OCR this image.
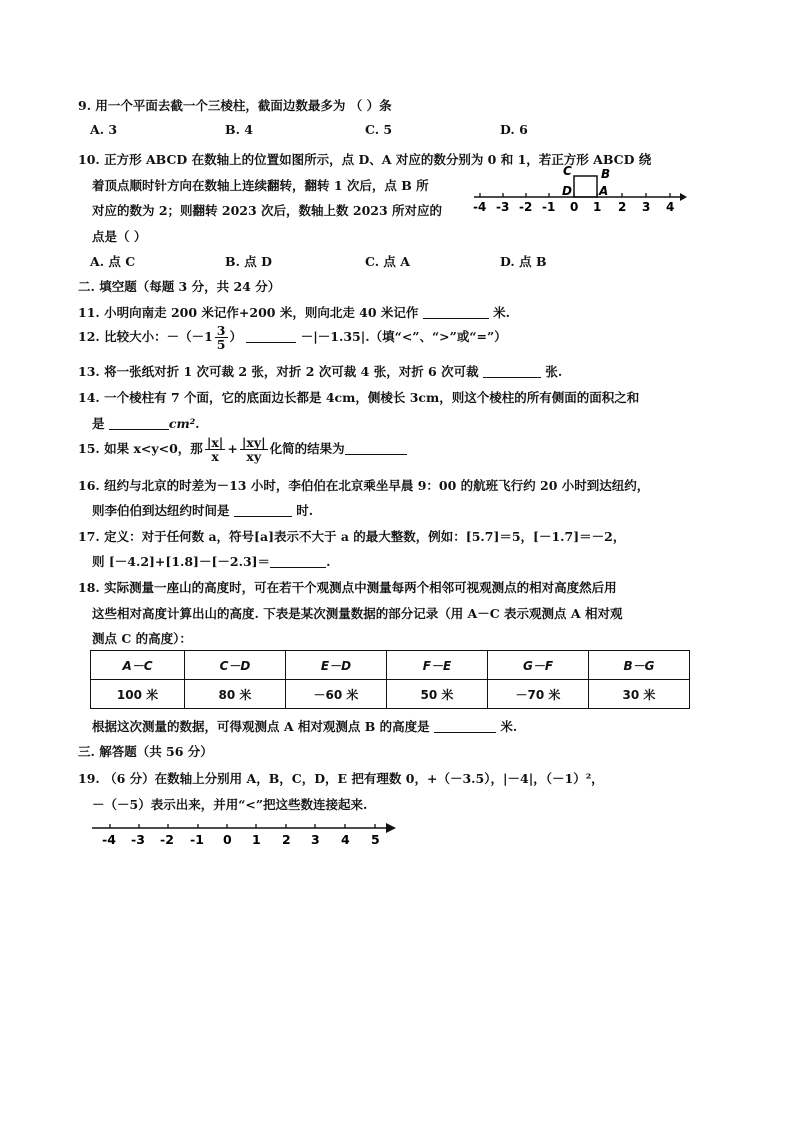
9. 用一个平面去截一个三棱柱，截面边数最多为 （ ）条
A. 3	B. 4	C. 5	D. 6
10. 正方形 ABCD 在数轴上的位置如图所示，点 D、A 对应的数分别为 0 和 1，若正方形 ABCD 绕
着顶点顺时针方向在数轴上连续翻转，翻转 1 次后，点 B 所
对应的数为 2；则翻转 2023 次后，数轴上数 2023 所对应的
点是（ ）
-4 -3 -2 -1 0 1 2 3 4
C B
D A
A. 点 C	B. 点 D	C. 点 A	D. 点 B
二. 填空题（每题 3 分，共 24 分）
11. 小明向南走 200 米记作+200 米，则向北走 40 米记作	米.
12. 比较大小：$-(-1 \frac{3}{5}$ ）	－|－1.35|.（填“<”、“>”或“=”）
13. 将一张纸对折 1 次可裁 2 张，对折 2 次可裁 4 张，对折 6 次可裁	张.
14. 一个棱柱有 7 个面，它的底面边长都是 4cm，侧棱长 3cm，则这个棱柱的所有侧面的面积之和
是	cm².
15. 如果 x<y<0，那 $\frac{|x|}{x} + \frac{|xy|}{xy}$ 化简的结果为
16. 纽约与北京的时差为－13 小时，李伯伯在北京乘坐早晨 9：00 的航班飞行约 20 小时到达纽约，
则李伯伯到达纽约时间是	时.
17. 定义：对于任何数 a，符号[a]表示不大于 a 的最大整数，例如：[5.7]＝5，[－1.7]＝－2，
则 [－4.2]+[1.8]－[－2.3]＝	.
18. 实际测量一座山的高度时，可在若干个观测点中测量每两个相邻可视观测点的相对高度然后用
这些相对高度计算出山的高度. 下表是某次测量数据的部分记录（用 A－C 表示观测点 A 相对观
测点 C 的高度）：
A－C	C－D	E－D	F－E	G－F	B－G
100 米	80 米	－60 米	50 米	－70 米	30 米
根据这次测量的数据，可得观测点 A 相对观测点 B 的高度是	米.
三. 解答题（共 56 分）
19. （6 分）在数轴上分别用 A，B，C，D，E 把有理数 0，+（－3.5），|－4|，（－1）²，
－（－5）表示出来，并用“<”把这些数连接起来.
-4 -3 -2 -1 0 1 2 3 4 5
